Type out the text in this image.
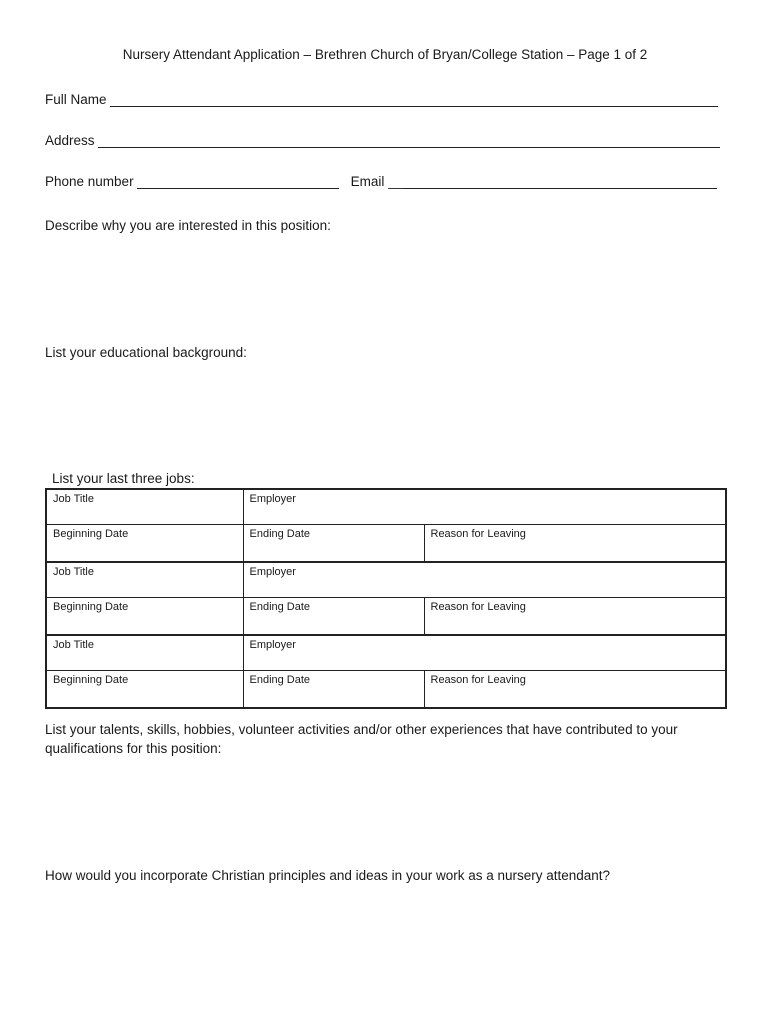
Nursery Attendant Application – Brethren Church of Bryan/College Station – Page 1 of 2
Full Name
Address
Phone number	Email __
Describe why you are interested in this position:
List your educational background:
List your last three jobs:
Job Title	Employer	
Beginning Date	Ending Date	Reason for Leaving
Job Title	Employer	
Beginning Date	Ending Date	Reason for Leaving
Job Title	Employer	
Beginning Date	Ending Date	Reason for Leaving
List your talents, skills, hobbies, volunteer activities and/or other experiences that have contributed to your qualifications for this position:
How would you incorporate Christian principles and ideas in your work as a nursery attendant?
